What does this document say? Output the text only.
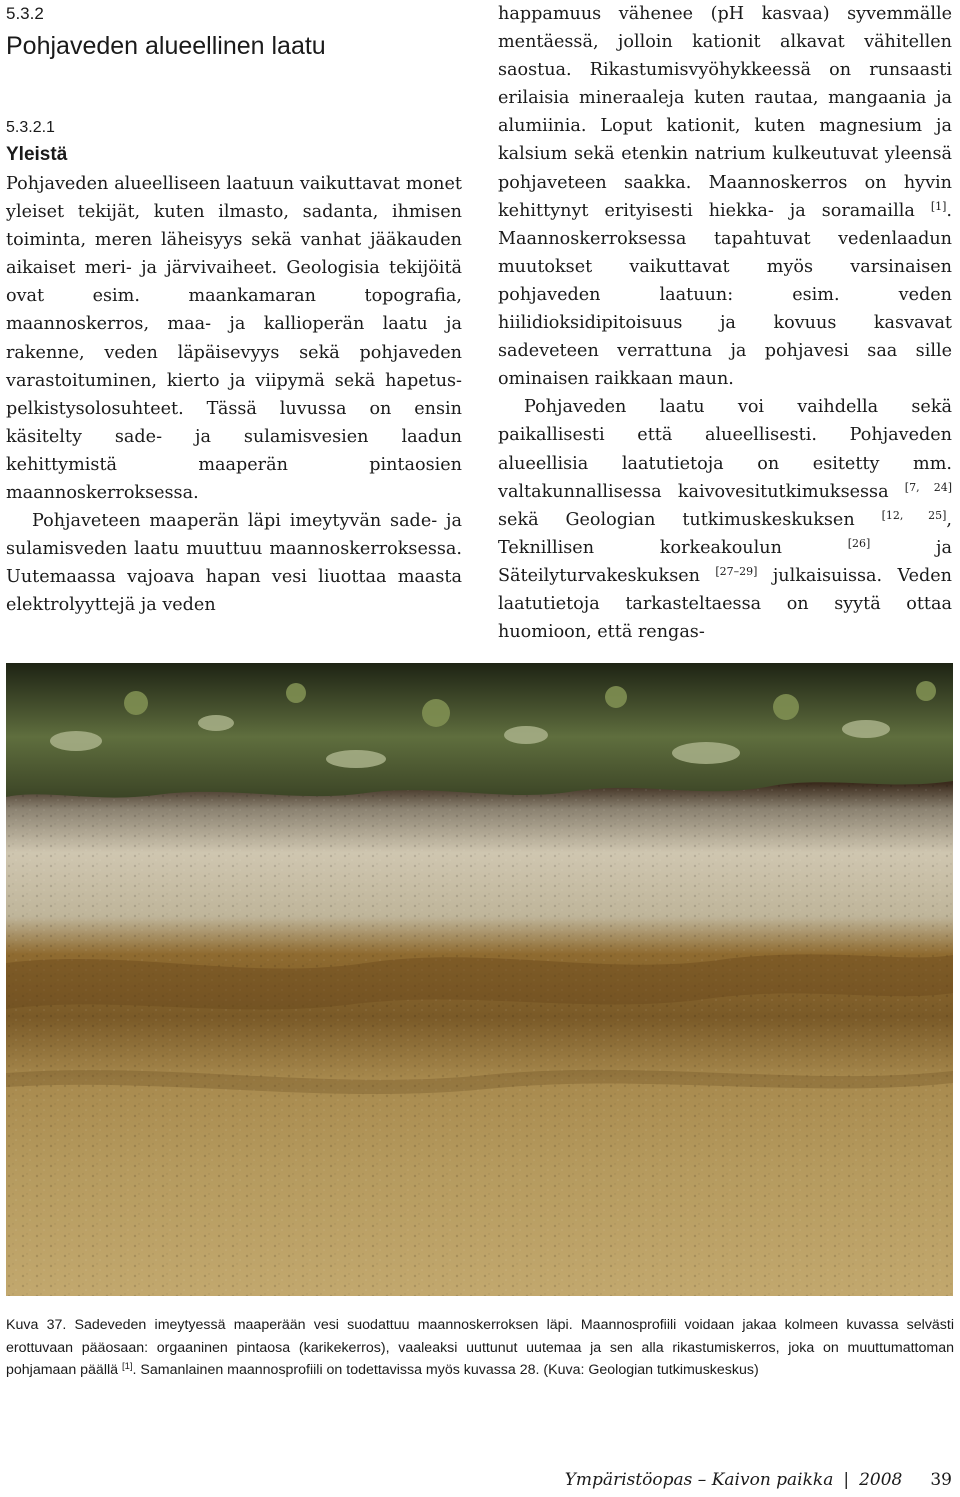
5.3.2
Pohjaveden alueellinen laatu
5.3.2.1
Yleistä

Pohjaveden alueelliseen laatuun vaikuttavat monet yleiset tekijät, kuten ilmasto, sadanta, ihmisen toiminta, meren läheisyys sekä vanhat jääkauden aikaiset meri- ja järvivaiheet. Geologisia tekijöitä ovat esim. maankamaran topografia, maannoskerros, maa- ja kallioperän laatu ja rakenne, veden läpäisevyys sekä pohjaveden varastoituminen, kierto ja viipymä sekä hapetus-pelkistysolosuhteet. Tässä luvussa on ensin käsitelty sade- ja sulamisvesien laadun kehittymistä maaperän pintaosien maannoskerroksessa.

Pohjaveteen maaperän läpi imeytyvän sade- ja sulamisveden laatu muuttuu maannoskerroksessa. Uutemaassa vajoava hapan vesi liuottaa maasta elektrolyyttejä ja veden

happamuus vähenee (pH kasvaa) syvemmälle mentäessä, jolloin kationit alkavat vähitellen saostua. Rikastumisvyöhykkeessä on runsaasti erilaisia mineraaleja kuten rautaa, mangaania ja alumiinia. Loput kationit, kuten magnesium ja kalsium sekä etenkin natrium kulkeutuvat yleensä pohjaveteen saakka. Maannoskerros on hyvin kehittynyt erityisesti hiekka- ja soramailla [1]. Maannoskerroksessa tapahtuvat vedenlaadun muutokset vaikuttavat myös varsinaisen pohjaveden laatuun: esim. veden hiilidioksidipitoisuus ja kovuus kasvavat sadeveteen verrattuna ja pohjavesi saa sille ominaisen raikkaan maun.

Pohjaveden laatu voi vaihdella sekä paikallisesti että alueellisesti. Pohjaveden alueellisia laatutietoja on esitetty mm. valtakunnallisessa kaivovesitutkimuksessa [7, 24] sekä Geologian tutkimuskeskuksen [12, 25], Teknillisen korkeakoulun	[26] ja Säteilyturvakeskuksen [27–29] julkaisuissa. Veden laatutietoja tarkasteltaessa on syytä ottaa huomioon, että rengas-

Kuva 37. Sadeveden imeytyessä maaperään vesi suodattuu maannoskerroksen läpi. Maannosprofiili voidaan jakaa kolmeen kuvassa selvästi erottuvaan pääosaan: orgaaninen pintaosa (karikekerros), vaaleaksi uuttunut uutemaa ja sen alla rikastumiskerros, joka on muuttumattoman pohjamaan päällä [1]. Samanlainen maannosprofiili on todettavissa myös kuvassa 28. (Kuva: Geologian tutkimuskeskus)

Ympäristöopas – Kaivon paikka | 2008 39
